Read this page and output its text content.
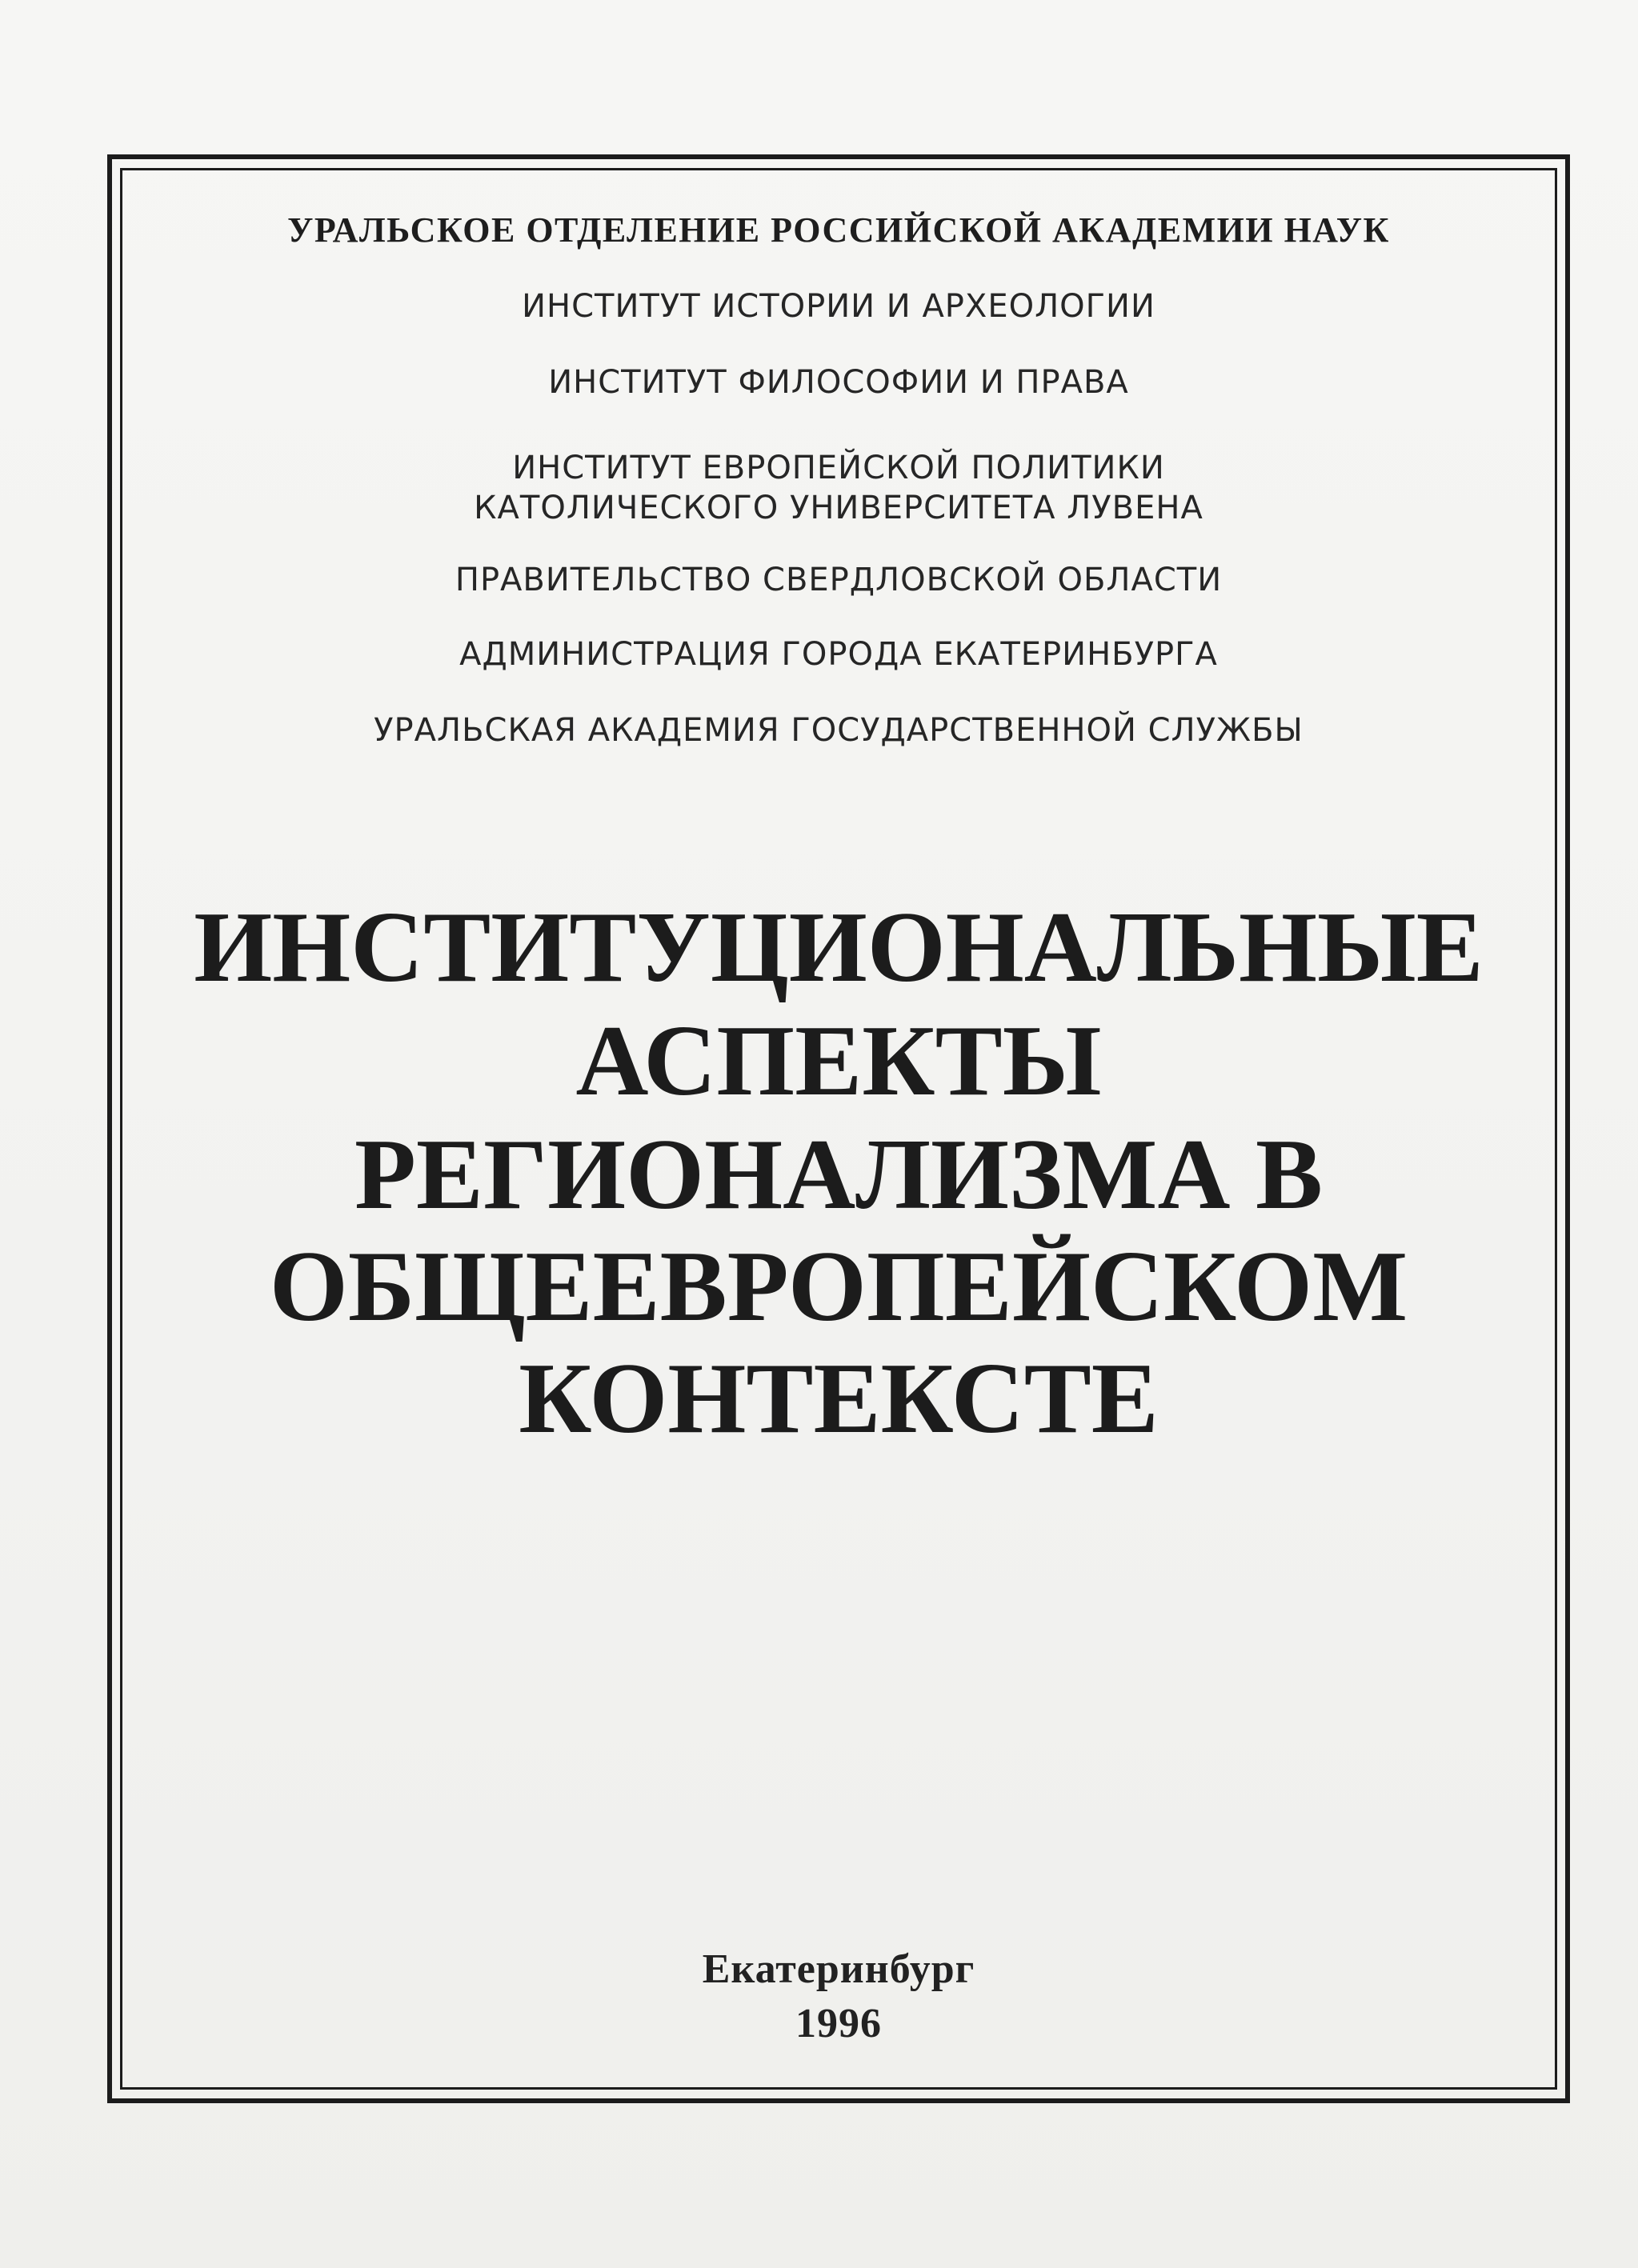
УРАЛЬСКОЕ ОТДЕЛЕНИЕ РОССИЙСКОЙ АКАДЕМИИ НАУК
ИНСТИТУТ ИСТОРИИ И АРХЕОЛОГИИ
ИНСТИТУТ ФИЛОСОФИИ И ПРАВА
ИНСТИТУТ ЕВРОПЕЙСКОЙ ПОЛИТИКИ
КАТОЛИЧЕСКОГО УНИВЕРСИТЕТА ЛУВЕНА
ПРАВИТЕЛЬСТВО СВЕРДЛОВСКОЙ ОБЛАСТИ
АДМИНИСТРАЦИЯ ГОРОДА ЕКАТЕРИНБУРГА
УРАЛЬСКАЯ АКАДЕМИЯ ГОСУДАРСТВЕННОЙ СЛУЖБЫ
ИНСТИТУЦИОНАЛЬНЫЕ
АСПЕКТЫ
РЕГИОНАЛИЗМА В
ОБЩЕЕВРОПЕЙСКОМ
КОНТЕКСТЕ
Екатеринбург
1996
